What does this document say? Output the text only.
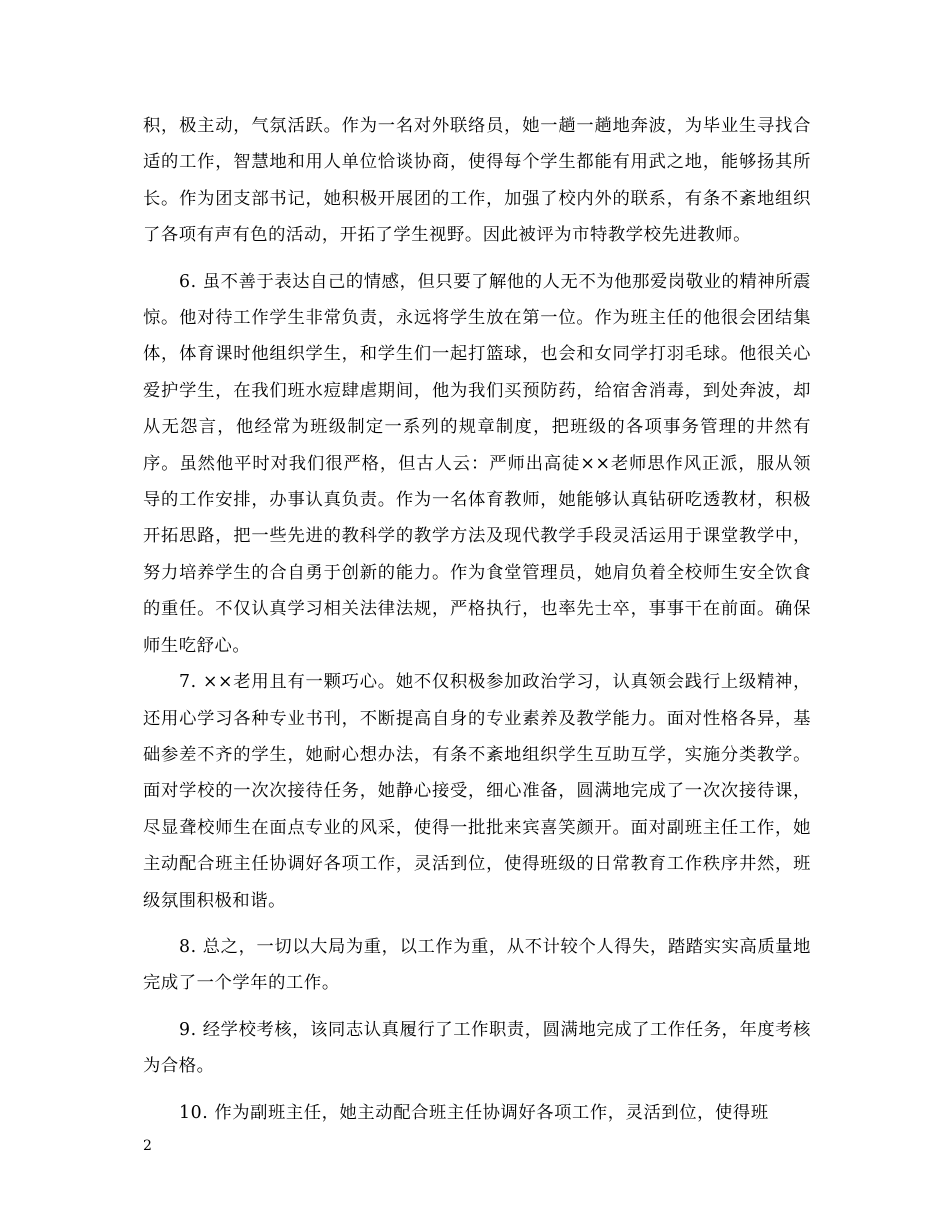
积，极主动，气氛活跃。作为一名对外联络员，她一趟一趟地奔波，为毕业生寻找合适的工作，智慧地和用人单位恰谈协商，使得每个学生都能有用武之地，能够扬其所长。作为团支部书记，她积极开展团的工作，加强了校内外的联系，有条不紊地组织了各项有声有色的活动，开拓了学生视野。因此被评为市特教学校先进教师。

6. 虽不善于表达自己的情感，但只要了解他的人无不为他那爱岗敬业的精神所震惊。他对待工作学生非常负责，永远将学生放在第一位。作为班主任的他很会团结集体，体育课时他组织学生，和学生们一起打篮球，也会和女同学打羽毛球。他很关心爱护学生，在我们班水痘肆虐期间，他为我们买预防药，给宿舍消毒，到处奔波，却从无怨言，他经常为班级制定一系列的规章制度，把班级的各项事务管理的井然有序。虽然他平时对我们很严格，但古人云：严师出高徒××老师思作风正派，服从领导的工作安排，办事认真负责。作为一名体育教师，她能够认真钻研吃透教材，积极开拓思路，把一些先进的教科学的教学方法及现代教学手段灵活运用于课堂教学中，努力培养学生的合自勇于创新的能力。作为食堂管理员，她肩负着全校师生安全饮食的重任。不仅认真学习相关法律法规，严格执行，也率先士卒，事事干在前面。确保师生吃舒心。

7. ××老用且有一颗巧心。她不仅积极参加政治学习，认真领会践行上级精神，还用心学习各种专业书刊，不断提高自身的专业素养及教学能力。面对性格各异，基础参差不齐的学生，她耐心想办法，有条不紊地组织学生互助互学，实施分类教学。面对学校的一次次接待任务，她静心接受，细心准备，圆满地完成了一次次接待课，尽显聋校师生在面点专业的风采，使得一批批来宾喜笑颜开。面对副班主任工作，她主动配合班主任协调好各项工作，灵活到位，使得班级的日常教育工作秩序井然，班级氛围积极和谐。

8. 总之，一切以大局为重，以工作为重，从不计较个人得失，踏踏实实高质量地完成了一个学年的工作。

9. 经学校考核，该同志认真履行了工作职责，圆满地完成了工作任务，年度考核为合格。

10. 作为副班主任，她主动配合班主任协调好各项工作，灵活到位，使得班

2
